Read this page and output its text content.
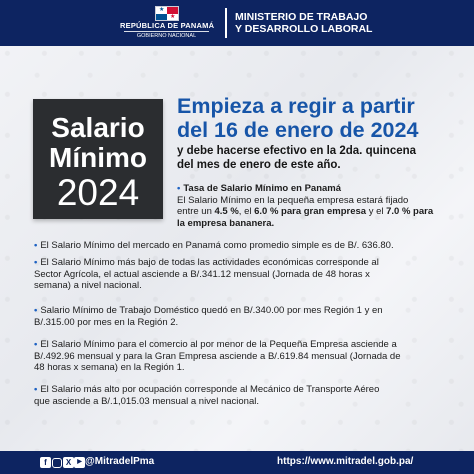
★
★
REPÚBLICA DE PANAMÁ
GOBIERNO NACIONAL
MINISTERIO DE TRABAJO
Y DESARROLLO LABORAL
Salario
Mínimo
2024
Empieza a regir a partir
del 16 de enero de 2024
y debe hacerse efectivo en la 2da. quincena
del mes de enero de este año.
• Tasa de Salario Mínimo en Panamá
El Salario Mínimo en la pequeña empresa estará fijado
entre un 4.5 %, el 6.0 % para gran empresa y el 7.0 % para
la empresa bananera.
• El Salario Mínimo del mercado en Panamá como promedio simple es de B/. 636.80.
• El Salario Mínimo más bajo de todas las actividades económicas corresponde al
Sector Agrícola, el actual asciende a B/.341.12 mensual (Jornada de 48 horas x
semana) a nivel nacional.
• Salario Mínimo de Trabajo Doméstico quedó en B/.340.00 por mes Región 1 y en
B/.315.00 por mes en la Región 2.
• El Salario Mínimo para el comercio al por menor de la Pequeña Empresa asciende a
B/.492.96 mensual y para la Gran Empresa asciende a B/.619.84 mensual (Jornada de
48 horas x semana) en la Región 1.
• El Salario más alto por ocupación corresponde al Mecánico de Transporte Aéreo
que asciende a B/.1,015.03 mensual a nivel nacional.
f	X	▶ @MitradelPma	https://www.mitradel.gob.pa/
